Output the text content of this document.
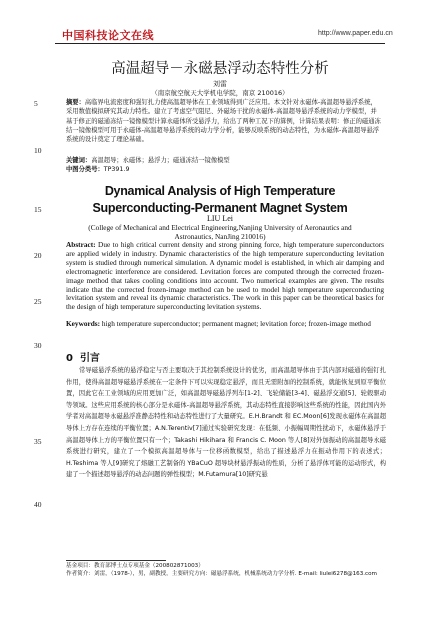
中国科技论文在线	http://www.paper.edu.cn
高温超导－永磁悬浮动态特性分析
刘雷
（南京航空航天大学机电学院，南京 210016）
摘要：高临界电流密度和强钉扎力使高温超导体在工业领域得到广泛应用。本文针对永磁体-高温超导悬浮系统，采用数值模拟研究其动力特性。建立了考虑空气阻尼、外磁场干扰的永磁体-高温超导悬浮系统的动力学模型，并基于修正的磁通冻结一镜像模型计算永磁体所受悬浮力，给出了两种工况下的算例，计算结果表明：修正的磁通冻结一镜像模型可用于永磁体-高温超导悬浮系统的动力学分析，能够反映系统的动态特性，为永磁体-高温超导悬浮系统的设计奠定了理论基础。
关键词：高温超导；永磁体；悬浮力；磁通冻结一镜像模型
中图分类号：TP391.9
Dynamical Analysis of High Temperature
Superconducting-Permanent Magnet System
LIU Lei
(College of Mechanical and Electrical Engineering,Nanjing University of Aeronautics and
Astronautics, NanJing 210016)
Abstract: Due to high critical current density and strong pinning force, high temperature superconductors are applied widely in industry. Dynamic characteristics of the high temperature superconducting levitation system is studied through numerical simulation. A dynamic model is established, in which air damping and electromagnetic interference are considered. Levitation forces are computed through the corrected frozen-image method that takes cooling conditions into account. Two numerical examples are given. The results indicate that the corrected frozen-image method can be used to model high temperature superconducting levitation system and reveal its dynamic characteristics. The work in this paper can be theoretical basics for the design of high temperature superconducting levitation systems.
Keywords: high temperature superconductor; permanent magnet; levitation force; frozen-image method
5
10
15
20
25
30
35
40
0 引言
常导磁悬浮系统的悬浮稳定与否主要取决于其控制系统设计的优劣，而高温超导体由于其内部对磁通的强钉扎作用，使得高温超导磁悬浮系统在一定条件下可以实现稳定悬浮，而且无需附加的控制系统，就能恢复到原平衡位置，因此它在工业领域的应用更加广泛，如高温超导磁悬浮列车[1-2]、飞轮储能[3-4]、磁悬浮交通[5]、轮毂驱动等领域。这些应用系统的核心部分是永磁体-高温超导悬浮系统，其动态特性直接影响这些系统的性能，因此国内外学者对高温超导永磁悬浮准静态特性和动态特性进行了大量研究。E.H.Brandt 和 EC.Moon[6]发现永磁体在高温超导体上方存在连续的平衡位置；A.N.Terentiv[7]通过实验研究发现：在低频、小振幅周期性扰动下，永磁体悬浮于高温超导体上方的平衡位置只有一个；Takashi Hikihara 和 Francis C. Moon 等人[8]对外加振动的高温超导永磁系统进行研究，建立了一个模拟高温超导体与一位移函数模型，给出了描述悬浮力在振动作用下的表述式；H.Teshima 等人[9]研究了熔融工艺制备的 YBaCuO 超导块材悬浮振动的性质，分析了悬浮体可能的运动形式，构建了一个描述超导悬浮的动态问题的弹性模型；M.Futamura[10]研究悬
基金项目：教育部博士点专项基金（200802871003）
作者简介：刘雷，（1978-），男，副教授，主要研究方向：磁悬浮系统，机械系统动力学分析. E-mail: liulei6278@163.com
